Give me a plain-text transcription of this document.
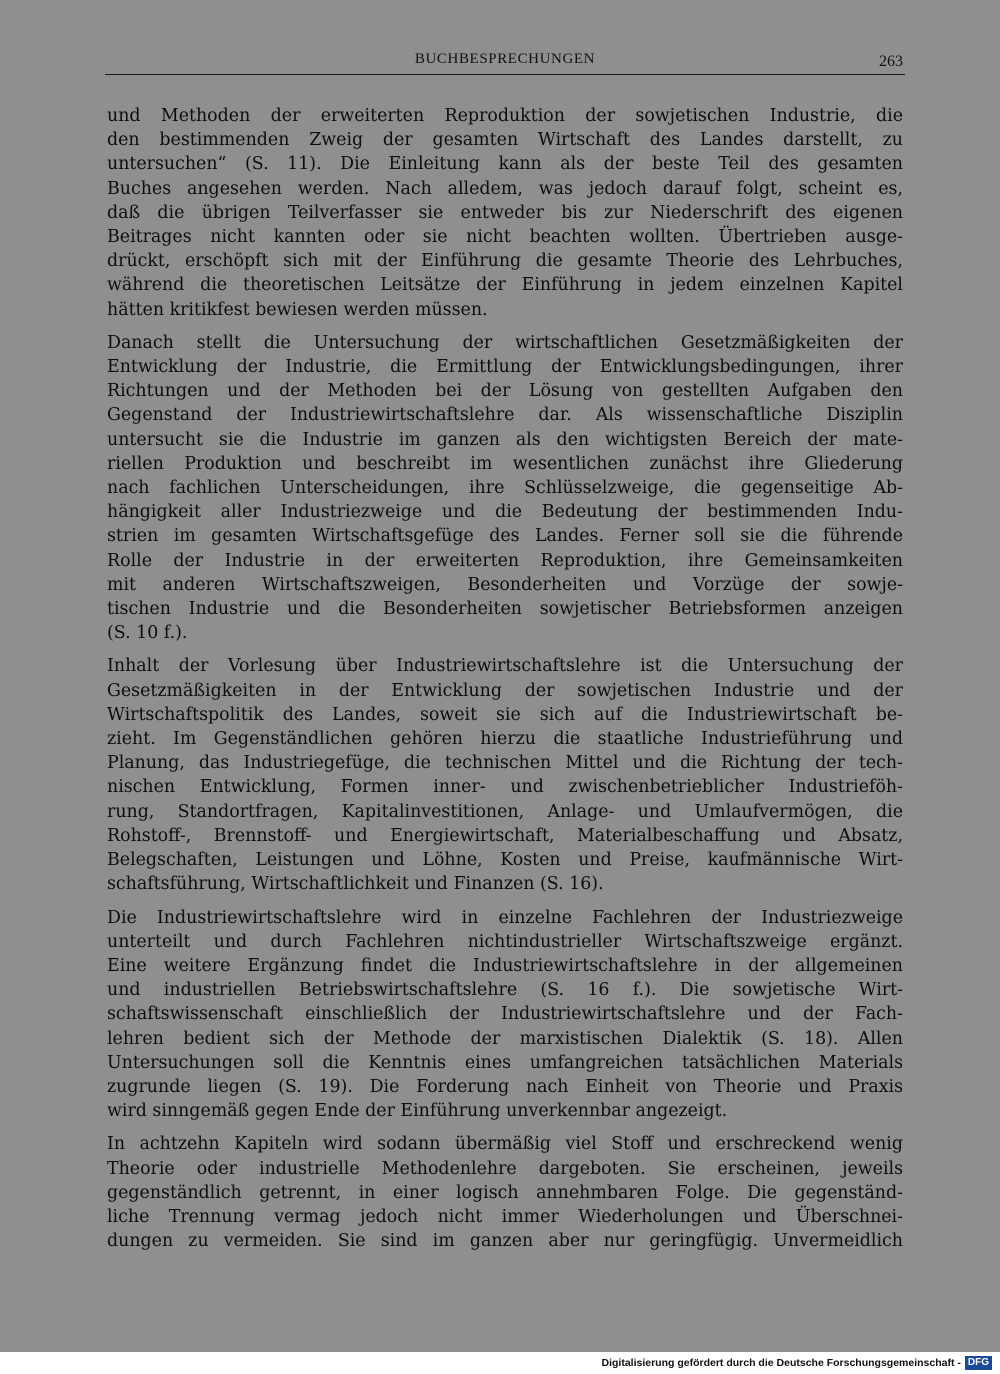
BUCHBESPRECHUNGEN	263

und Methoden der erweiterten Reproduktion der sowjetischen Industrie, die
den bestimmenden Zweig der gesamten Wirtschaft des Landes darstellt, zu
untersuchen“ (S. 11). Die Einleitung kann als der beste Teil des gesamten
Buches angesehen werden. Nach alledem, was jedoch darauf folgt, scheint es,
daß die übrigen Teilverfasser sie entweder bis zur Niederschrift des eigenen
Beitrages nicht kannten oder sie nicht beachten wollten. Übertrieben ausge-
drückt, erschöpft sich mit der Einführung die gesamte Theorie des Lehrbuches,
während die theoretischen Leitsätze der Einführung in jedem einzelnen Kapitel
hätten kritikfest bewiesen werden müssen.

Danach stellt die Untersuchung der wirtschaftlichen Gesetzmäßigkeiten der
Entwicklung der Industrie, die Ermittlung der Entwicklungsbedingungen, ihrer
Richtungen und der Methoden bei der Lösung von gestellten Aufgaben den
Gegenstand der Industriewirtschaftslehre dar. Als wissenschaftliche Disziplin
untersucht sie die Industrie im ganzen als den wichtigsten Bereich der mate-
riellen Produktion und beschreibt im wesentlichen zunächst ihre Gliederung
nach fachlichen Unterscheidungen, ihre Schlüsselzweige, die gegenseitige Ab-
hängigkeit aller Industriezweige und die Bedeutung der bestimmenden Indu-
strien im gesamten Wirtschaftsgefüge des Landes. Ferner soll sie die führende
Rolle der Industrie in der erweiterten Reproduktion, ihre Gemeinsamkeiten
mit anderen Wirtschaftszweigen, Besonderheiten und Vorzüge der sowje-
tischen Industrie und die Besonderheiten sowjetischer Betriebsformen anzeigen
(S. 10 f.).

Inhalt der Vorlesung über Industriewirtschaftslehre ist die Untersuchung der
Gesetzmäßigkeiten in der Entwicklung der sowjetischen Industrie und der
Wirtschaftspolitik des Landes, soweit sie sich auf die Industriewirtschaft be-
zieht. Im Gegenständlichen gehören hierzu die staatliche Industrieführung und
Planung, das Industriegefüge, die technischen Mittel und die Richtung der tech-
nischen Entwicklung, Formen inner- und zwischenbetrieblicher Industrieföh-
rung, Standortfragen, Kapitalinvestitionen, Anlage- und Umlaufvermögen, die
Rohstoff-, Brennstoff- und Energiewirtschaft, Materialbeschaffung und Absatz,
Belegschaften, Leistungen und Löhne, Kosten und Preise, kaufmännische Wirt-
schaftsführung, Wirtschaftlichkeit und Finanzen (S. 16).

Die Industriewirtschaftslehre wird in einzelne Fachlehren der Industriezweige
unterteilt und durch Fachlehren nichtindustrieller Wirtschaftszweige ergänzt.
Eine weitere Ergänzung findet die Industriewirtschaftslehre in der allgemeinen
und industriellen Betriebswirtschaftslehre (S. 16 f.). Die sowjetische Wirt-
schaftswissenschaft einschließlich der Industriewirtschaftslehre und der Fach-
lehren bedient sich der Methode der marxistischen Dialektik (S. 18). Allen
Untersuchungen soll die Kenntnis eines umfangreichen tatsächlichen Materials
zugrunde liegen (S. 19). Die Forderung nach Einheit von Theorie und Praxis
wird sinngemäß gegen Ende der Einführung unverkennbar angezeigt.

In achtzehn Kapiteln wird sodann übermäßig viel Stoff und erschreckend wenig
Theorie oder industrielle Methodenlehre dargeboten. Sie erscheinen, jeweils
gegenständlich getrennt, in einer logisch annehmbaren Folge. Die gegenständ-
liche Trennung vermag jedoch nicht immer Wiederholungen und Überschnei-
dungen zu vermeiden. Sie sind im ganzen aber nur geringfügig. Unvermeidlich

Digitalisierung gefördert durch die Deutsche Forschungsgemeinschaft - DFG
